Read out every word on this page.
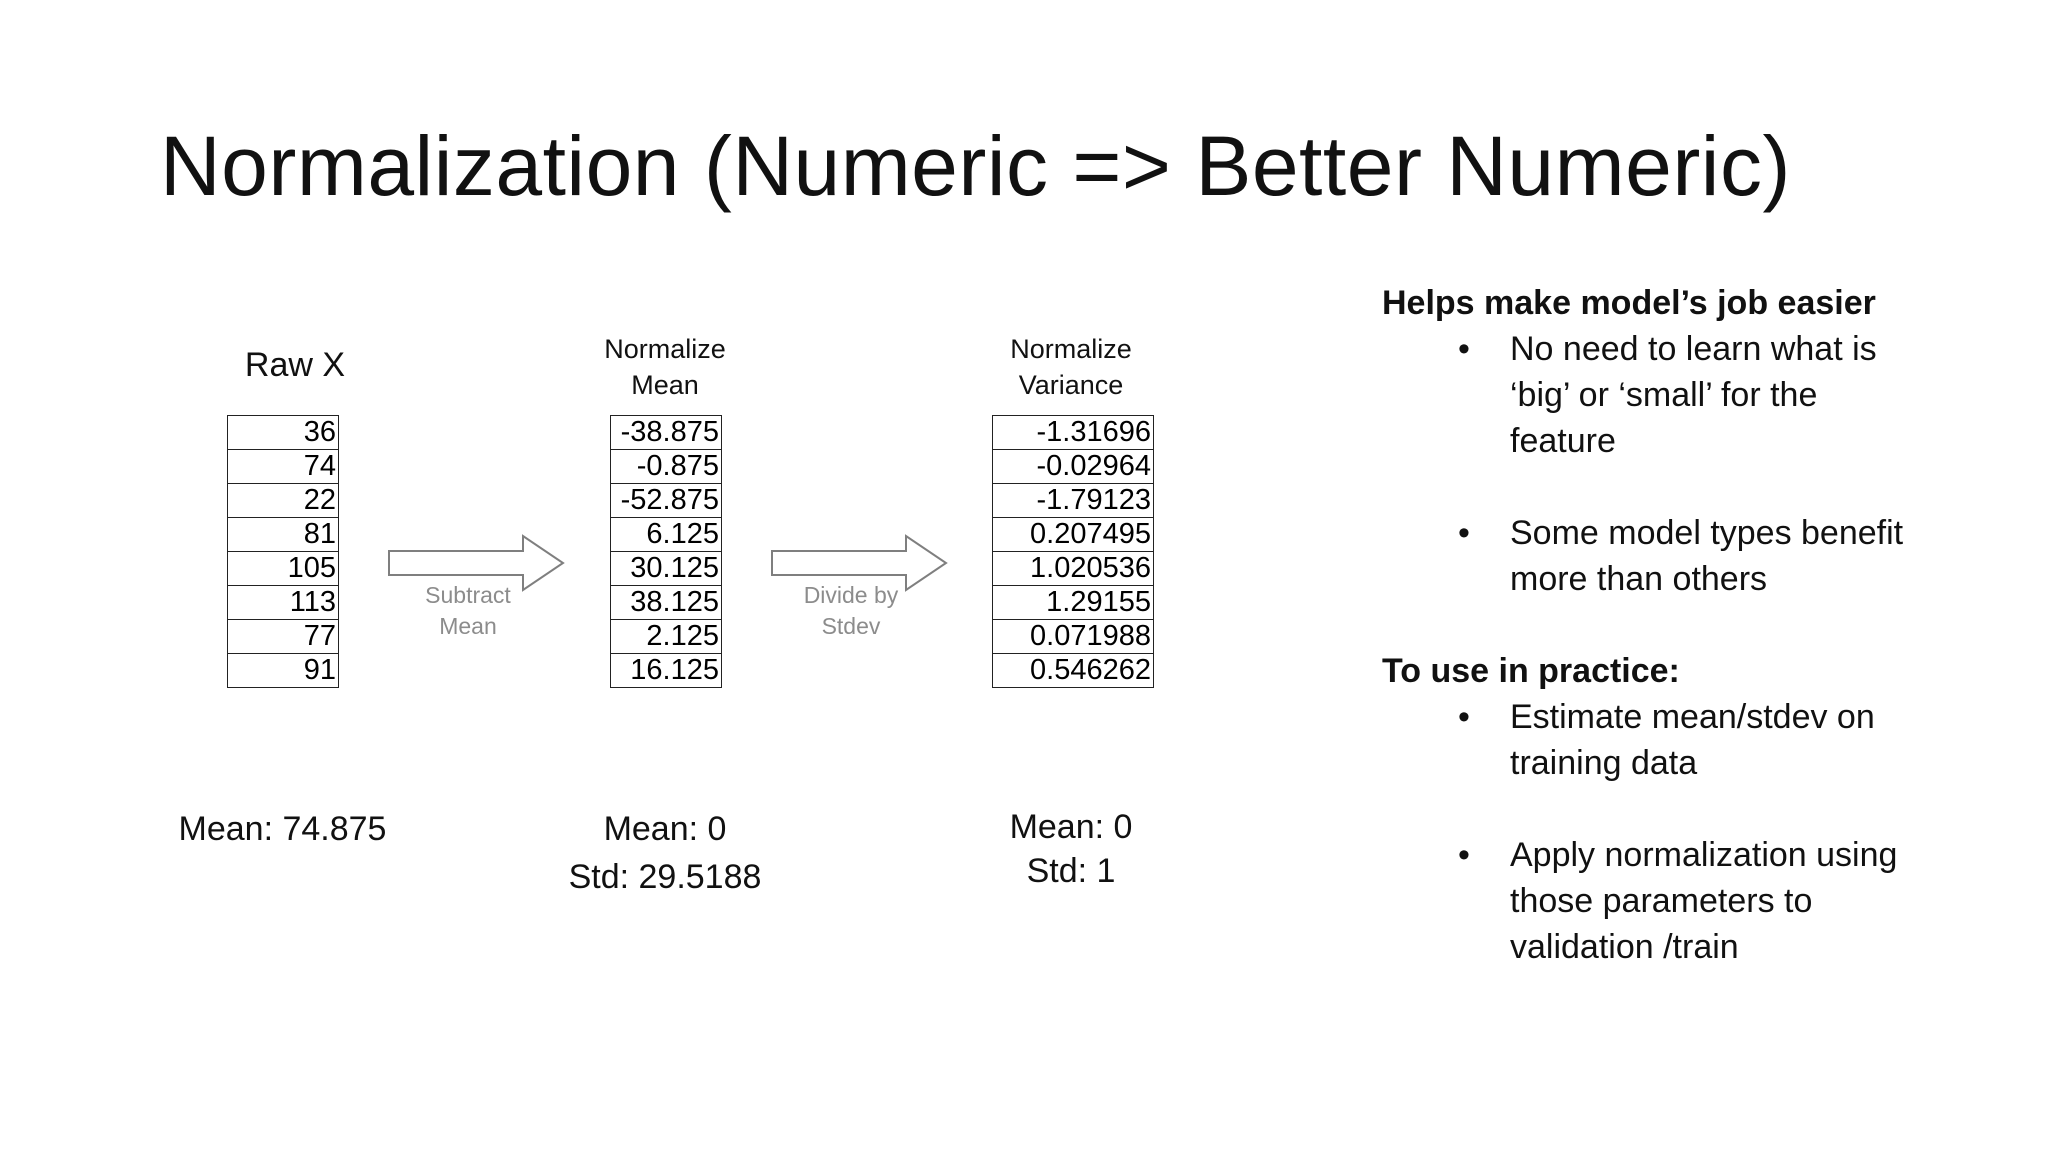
Normalization (Numeric => Better Numeric)
Raw X
36
74
22
81
105
113
77
91
Mean: 74.875
Subtract
Mean
Normalize
Mean
-38.875
-0.875
-52.875
6.125
30.125
38.125
2.125
16.125
Mean: 0
Std: 29.5188
Divide by
Stdev
Normalize
Variance
-1.31696
-0.02964
-1.79123
0.207495
1.020536
1.29155
0.071988
0.546262
Mean: 0
Std: 1
Helps make model’s job easier
• No need to learn what is
‘big’ or ‘small’ for the
feature
• Some model types benefit
more than others
To use in practice:
• Estimate mean/stdev on
training data
• Apply normalization using
those parameters to
validation /train
